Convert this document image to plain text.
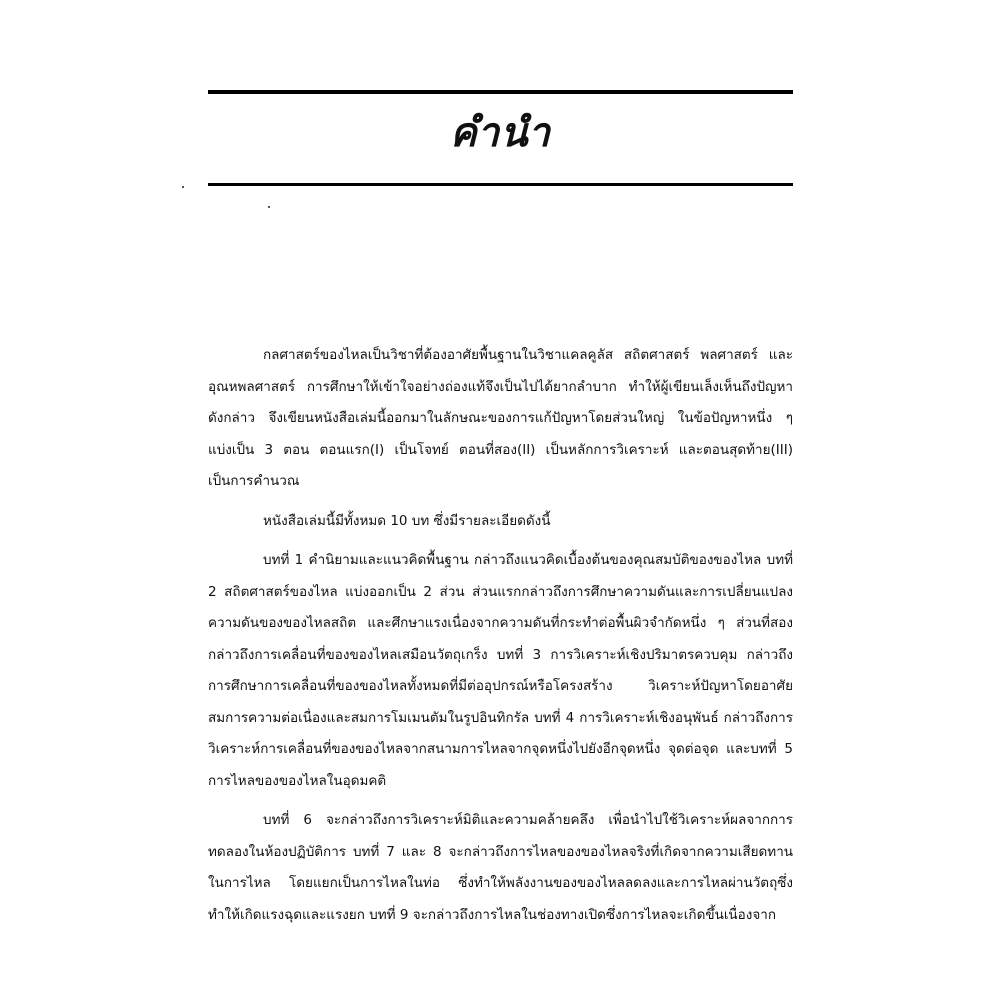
คำนำ

กลศาสตร์ของไหลเป็นวิชาที่ต้องอาศัยพื้นฐานในวิชาแคลคูลัส สถิตศาสตร์ พลศาสตร์ และอุณหพลศาสตร์ การศึกษาให้เข้าใจอย่างถ่องแท้จึงเป็นไปได้ยากลำบาก ทำให้ผู้เขียนเล็งเห็นถึงปัญหาดังกล่าว จึงเขียนหนังสือเล่มนี้ออกมาในลักษณะของการแก้ปัญหาโดยส่วนใหญ่ ในข้อปัญหาหนึ่ง ๆ แบ่งเป็น 3 ตอน ตอนแรก(I) เป็นโจทย์ ตอนที่สอง(II) เป็นหลักการวิเคราะห์ และตอนสุดท้าย(III) เป็นการคำนวณ

หนังสือเล่มนี้มีทั้งหมด 10 บท ซึ่งมีรายละเอียดดังนี้

บทที่ 1 คำนิยามและแนวคิดพื้นฐาน กล่าวถึงแนวคิดเบื้องต้นของคุณสมบัติของของไหล บทที่ 2 สถิตศาสตร์ของไหล แบ่งออกเป็น 2 ส่วน ส่วนแรกกล่าวถึงการศึกษาความดันและการเปลี่ยนแปลงความดันของของไหลสถิต และศึกษาแรงเนื่องจากความดันที่กระทำต่อพื้นผิวจำกัดหนึ่ง ๆ ส่วนที่สองกล่าวถึงการเคลื่อนที่ของของไหลเสมือนวัตถุเกร็ง บทที่ 3 การวิเคราะห์เชิงปริมาตรควบคุม กล่าวถึงการศึกษาการเคลื่อนที่ของของไหลทั้งหมดที่มีต่ออุปกรณ์หรือโครงสร้าง วิเคราะห์ปัญหาโดยอาศัยสมการความต่อเนื่องและสมการโมเมนตัมในรูปอินทิกรัล บทที่ 4 การวิเคราะห์เชิงอนุพันธ์ กล่าวถึงการวิเคราะห์การเคลื่อนที่ของของไหลจากสนามการไหลจากจุดหนึ่งไปยังอีกจุดหนึ่ง จุดต่อจุด และบทที่ 5 การไหลของของไหลในอุดมคติ

บทที่ 6 จะกล่าวถึงการวิเคราะห์มิติและความคล้ายคลึง เพื่อนำไปใช้วิเคราะห์ผลจากการทดลองในห้องปฏิบัติการ บทที่ 7 และ 8 จะกล่าวถึงการไหลของของไหลจริงที่เกิดจากความเสียดทานในการไหล โดยแยกเป็นการไหลในท่อ ซึ่งทำให้พลังงานของของไหลลดลงและการไหลผ่านวัตถุซึ่งทำให้เกิดแรงฉุดและแรงยก บทที่ 9 จะกล่าวถึงการไหลในช่องทางเปิดซึ่งการไหลจะเกิดขึ้นเนื่องจาก
